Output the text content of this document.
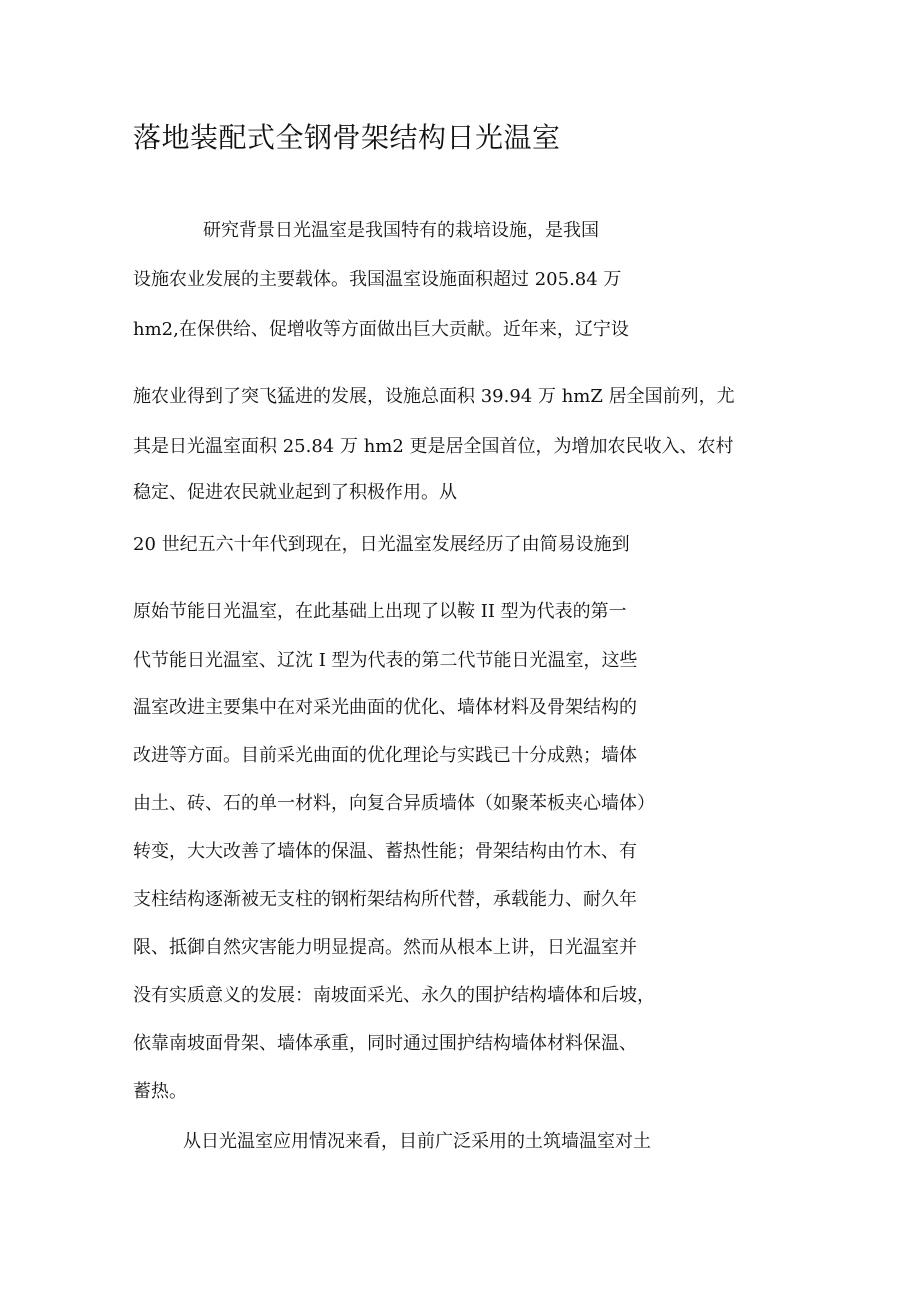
落地装配式全钢骨架结构日光温室

研究背景日光温室是我国特有的栽培设施，是我国

设施农业发展的主要载体。我国温室设施面积超过 205.84 万

hm2,在保供给、促增收等方面做出巨大贡献。近年来，辽宁设

施农业得到了突飞猛进的发展，设施总面积 39.94 万 hmZ 居全国前列，尤

其是日光温室面积 25.84 万 hm2 更是居全国首位，为增加农民收入、农村

稳定、促进农民就业起到了积极作用。从

20 世纪五六十年代到现在，日光温室发展经历了由简易设施到

原始节能日光温室，在此基础上出现了以鞍 II 型为代表的第一

代节能日光温室、辽沈 I 型为代表的第二代节能日光温室，这些

温室改进主要集中在对采光曲面的优化、墙体材料及骨架结构的

改进等方面。目前采光曲面的优化理论与实践已十分成熟；墙体

由土、砖、石的单一材料，向复合异质墙体（如聚苯板夹心墙体）

转变，大大改善了墙体的保温、蓄热性能；骨架结构由竹木、有

支柱结构逐渐被无支柱的钢桁架结构所代替，承载能力、耐久年

限、抵御自然灾害能力明显提高。然而从根本上讲，日光温室并

没有实质意义的发展：南坡面采光、永久的围护结构墙体和后坡，

依靠南坡面骨架、墙体承重，同时通过围护结构墙体材料保温、

蓄热。

从日光温室应用情况来看，目前广泛采用的土筑墙温室对土
